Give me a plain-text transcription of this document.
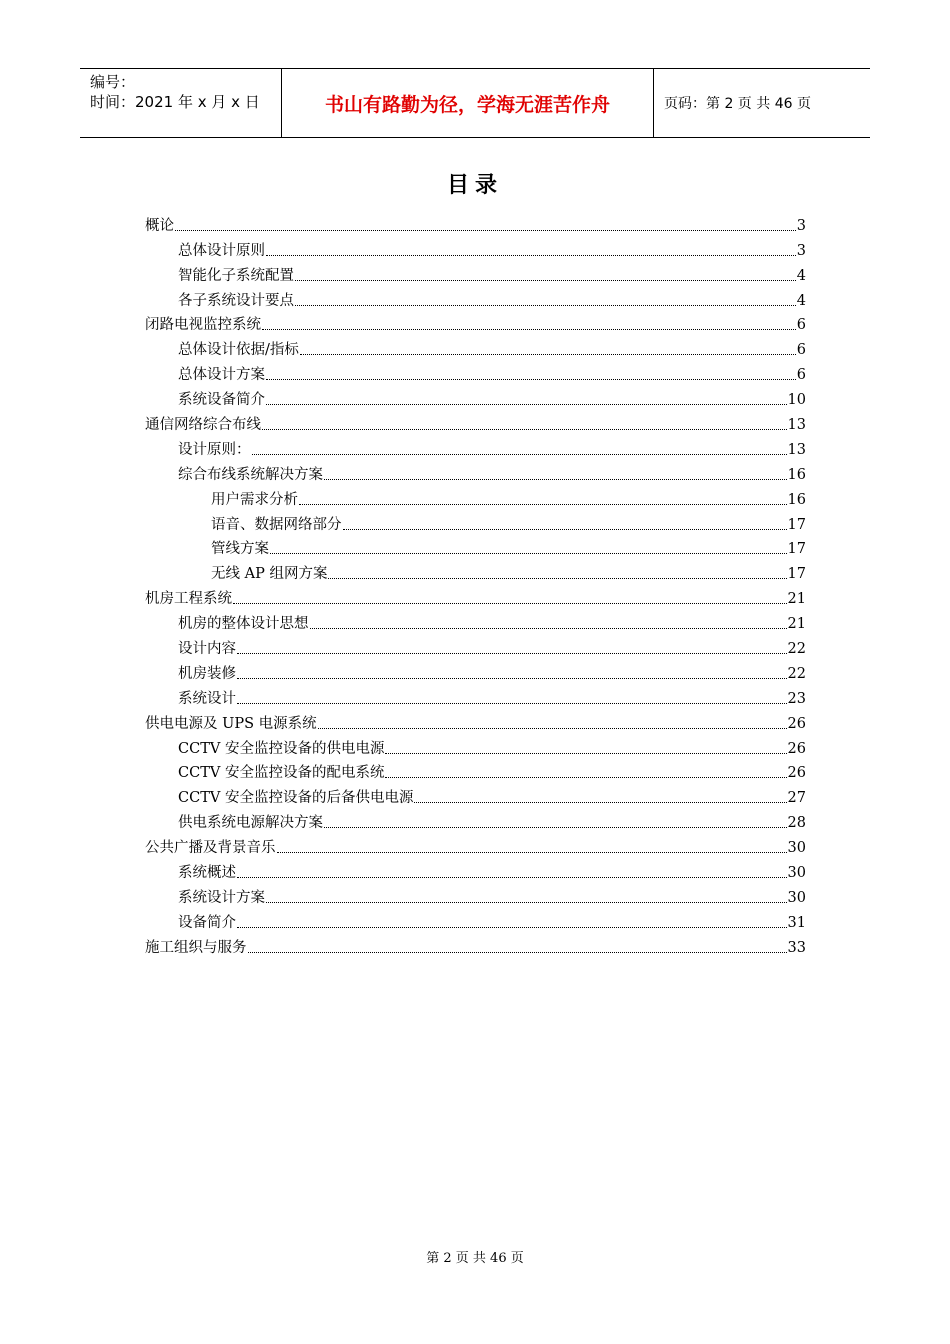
编号：
时间：2021 年 x 月 x 日	书山有路勤为径，学海无涯苦作舟	页码：第 2 页 共 46 页
目录
概论	3
总体设计原则	3
智能化子系统配置	4
各子系统设计要点	4
闭路电视监控系统	6
总体设计依据/指标	6
总体设计方案	6
系统设备简介	10
通信网络综合布线	13
设计原则：	13
综合布线系统解决方案	16
用户需求分析	16
语音、数据网络部分	17
管线方案	17
无线 AP 组网方案	17
机房工程系统	21
机房的整体设计思想	21
设计内容	22
机房装修	22
系统设计	23
供电电源及 UPS 电源系统	26
CCTV 安全监控设备的供电电源	26
CCTV 安全监控设备的配电系统	26
CCTV 安全监控设备的后备供电电源	27
供电系统电源解决方案	28
公共广播及背景音乐	30
系统概述	30
系统设计方案	30
设备简介	31
施工组织与服务	33
第 2 页 共 46 页
